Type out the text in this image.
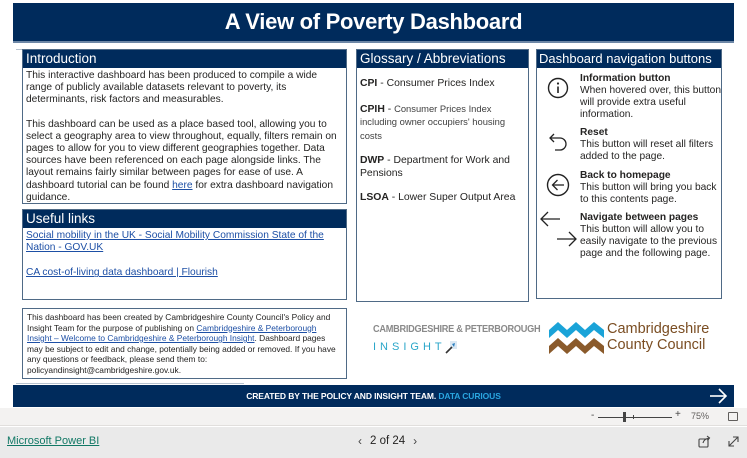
A View of Poverty Dashboard
Introduction

This interactive dashboard has been produced to compile a wide range of publicly available datasets relevant to poverty, its determinants, risk factors and measurables.

This dashboard can be used as a place based tool, allowing you to select a geography area to view throughout, equally, filters remain on pages to allow for you to view different geographies together. Data sources have been referenced on each page alongside links. The layout remains fairly similar between pages for ease of use. A dashboard tutorial can be found here for extra dashboard navigation guidance.

Useful links
Social mobility in the UK - Social Mobility Commission State of the Nation - GOV.UK
CA cost-of-living data dashboard | Flourish
Glossary / Abbreviations
CPI - Consumer Prices Index
CPIH - Consumer Prices Index including owner occupiers' housing costs
DWP - Department for Work and Pensions
LSOA - Lower Super Output Area
Dashboard navigation buttons
Information button
When hovered over, this button will provide extra useful information.
Reset
This button will reset all filters added to the page.
Back to homepage
This button will bring you back to this contents page.
Navigate between pages
This button will allow you to easily navigate to the previous page and the following page.
This dashboard has been created by Cambridgeshire County Council's Policy and Insight Team for the purpose of publishing on Cambridgeshire & Peterborough Insight – Welcome to Cambridgeshire & Peterborough Insight. Dashboard pages may be subject to edit and change, potentially being added or removed. If you have any questions or feedback, please send them to: policyandinsight@cambridgeshire.gov.uk.
CAMBRIDGESHIRE & PETERBOROUGH
INSIGHT
Cambridgeshire
County Council
CREATED BY THE POLICY AND INSIGHT TEAM. DATA CURIOUS
-	+ 75%
Microsoft Power BI	‹ 2 of 24 ›
